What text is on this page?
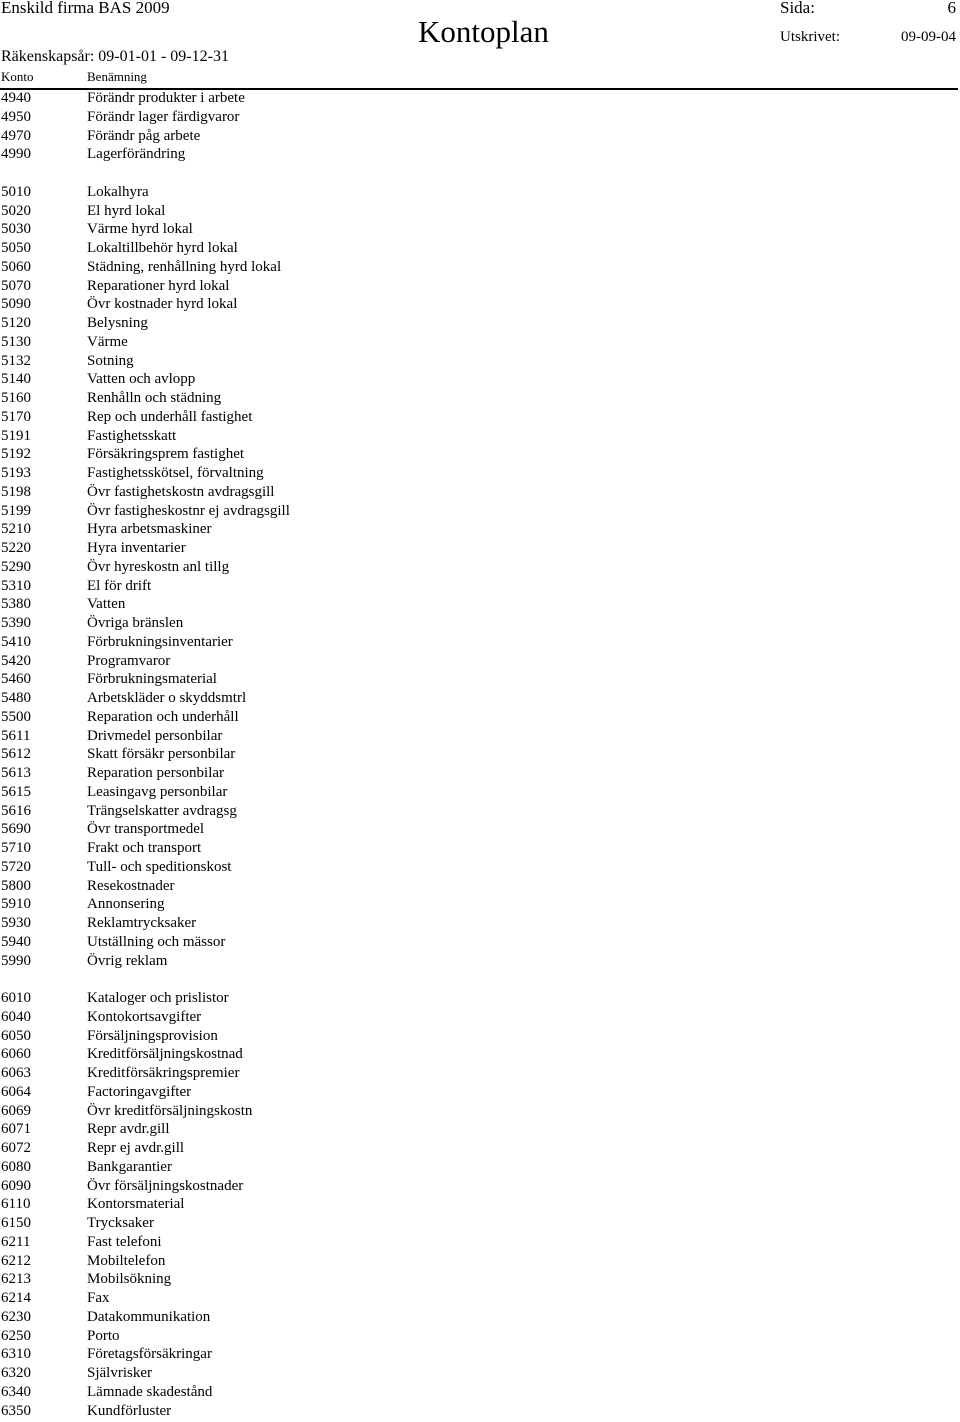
Enskild firma BAS 2009
Kontoplan
Sida:	6
Räkenskapsår: 09-01-01 - 09-12-31
Utskrivet:	09-09-04
Konto	Benämning
4940	Förändr produkter i arbete
4950	Förändr lager färdigvaror
4970	Förändr påg arbete
4990	Lagerförändring
5010	Lokalhyra
5020	El hyrd lokal
5030	Värme hyrd lokal
5050	Lokaltillbehör hyrd lokal
5060	Städning, renhållning hyrd lokal
5070	Reparationer hyrd lokal
5090	Övr kostnader hyrd lokal
5120	Belysning
5130	Värme
5132	Sotning
5140	Vatten och avlopp
5160	Renhålln och städning
5170	Rep och underhåll fastighet
5191	Fastighetsskatt
5192	Försäkringsprem fastighet
5193	Fastighetsskötsel, förvaltning
5198	Övr fastighetskostn avdragsgill
5199	Övr fastigheskostnr ej avdragsgill
5210	Hyra arbetsmaskiner
5220	Hyra inventarier
5290	Övr hyreskostn anl tillg
5310	El för drift
5380	Vatten
5390	Övriga bränslen
5410	Förbrukningsinventarier
5420	Programvaror
5460	Förbrukningsmaterial
5480	Arbetskläder o skyddsmtrl
5500	Reparation och underhåll
5611	Drivmedel personbilar
5612	Skatt försäkr personbilar
5613	Reparation personbilar
5615	Leasingavg personbilar
5616	Trängselskatter avdragsg
5690	Övr transportmedel
5710	Frakt och transport
5720	Tull- och speditionskost
5800	Resekostnader
5910	Annonsering
5930	Reklamtrycksaker
5940	Utställning och mässor
5990	Övrig reklam
6010	Kataloger och prislistor
6040	Kontokortsavgifter
6050	Försäljningsprovision
6060	Kreditförsäljningskostnad
6063	Kreditförsäkringspremier
6064	Factoringavgifter
6069	Övr kreditförsäljningskostn
6071	Repr avdr.gill
6072	Repr ej avdr.gill
6080	Bankgarantier
6090	Övr försäljningskostnader
6110	Kontorsmaterial
6150	Trycksaker
6211	Fast telefoni
6212	Mobiltelefon
6213	Mobilsökning
6214	Fax
6230	Datakommunikation
6250	Porto
6310	Företagsförsäkringar
6320	Självrisker
6340	Lämnade skadestånd
6350	Kundförluster
